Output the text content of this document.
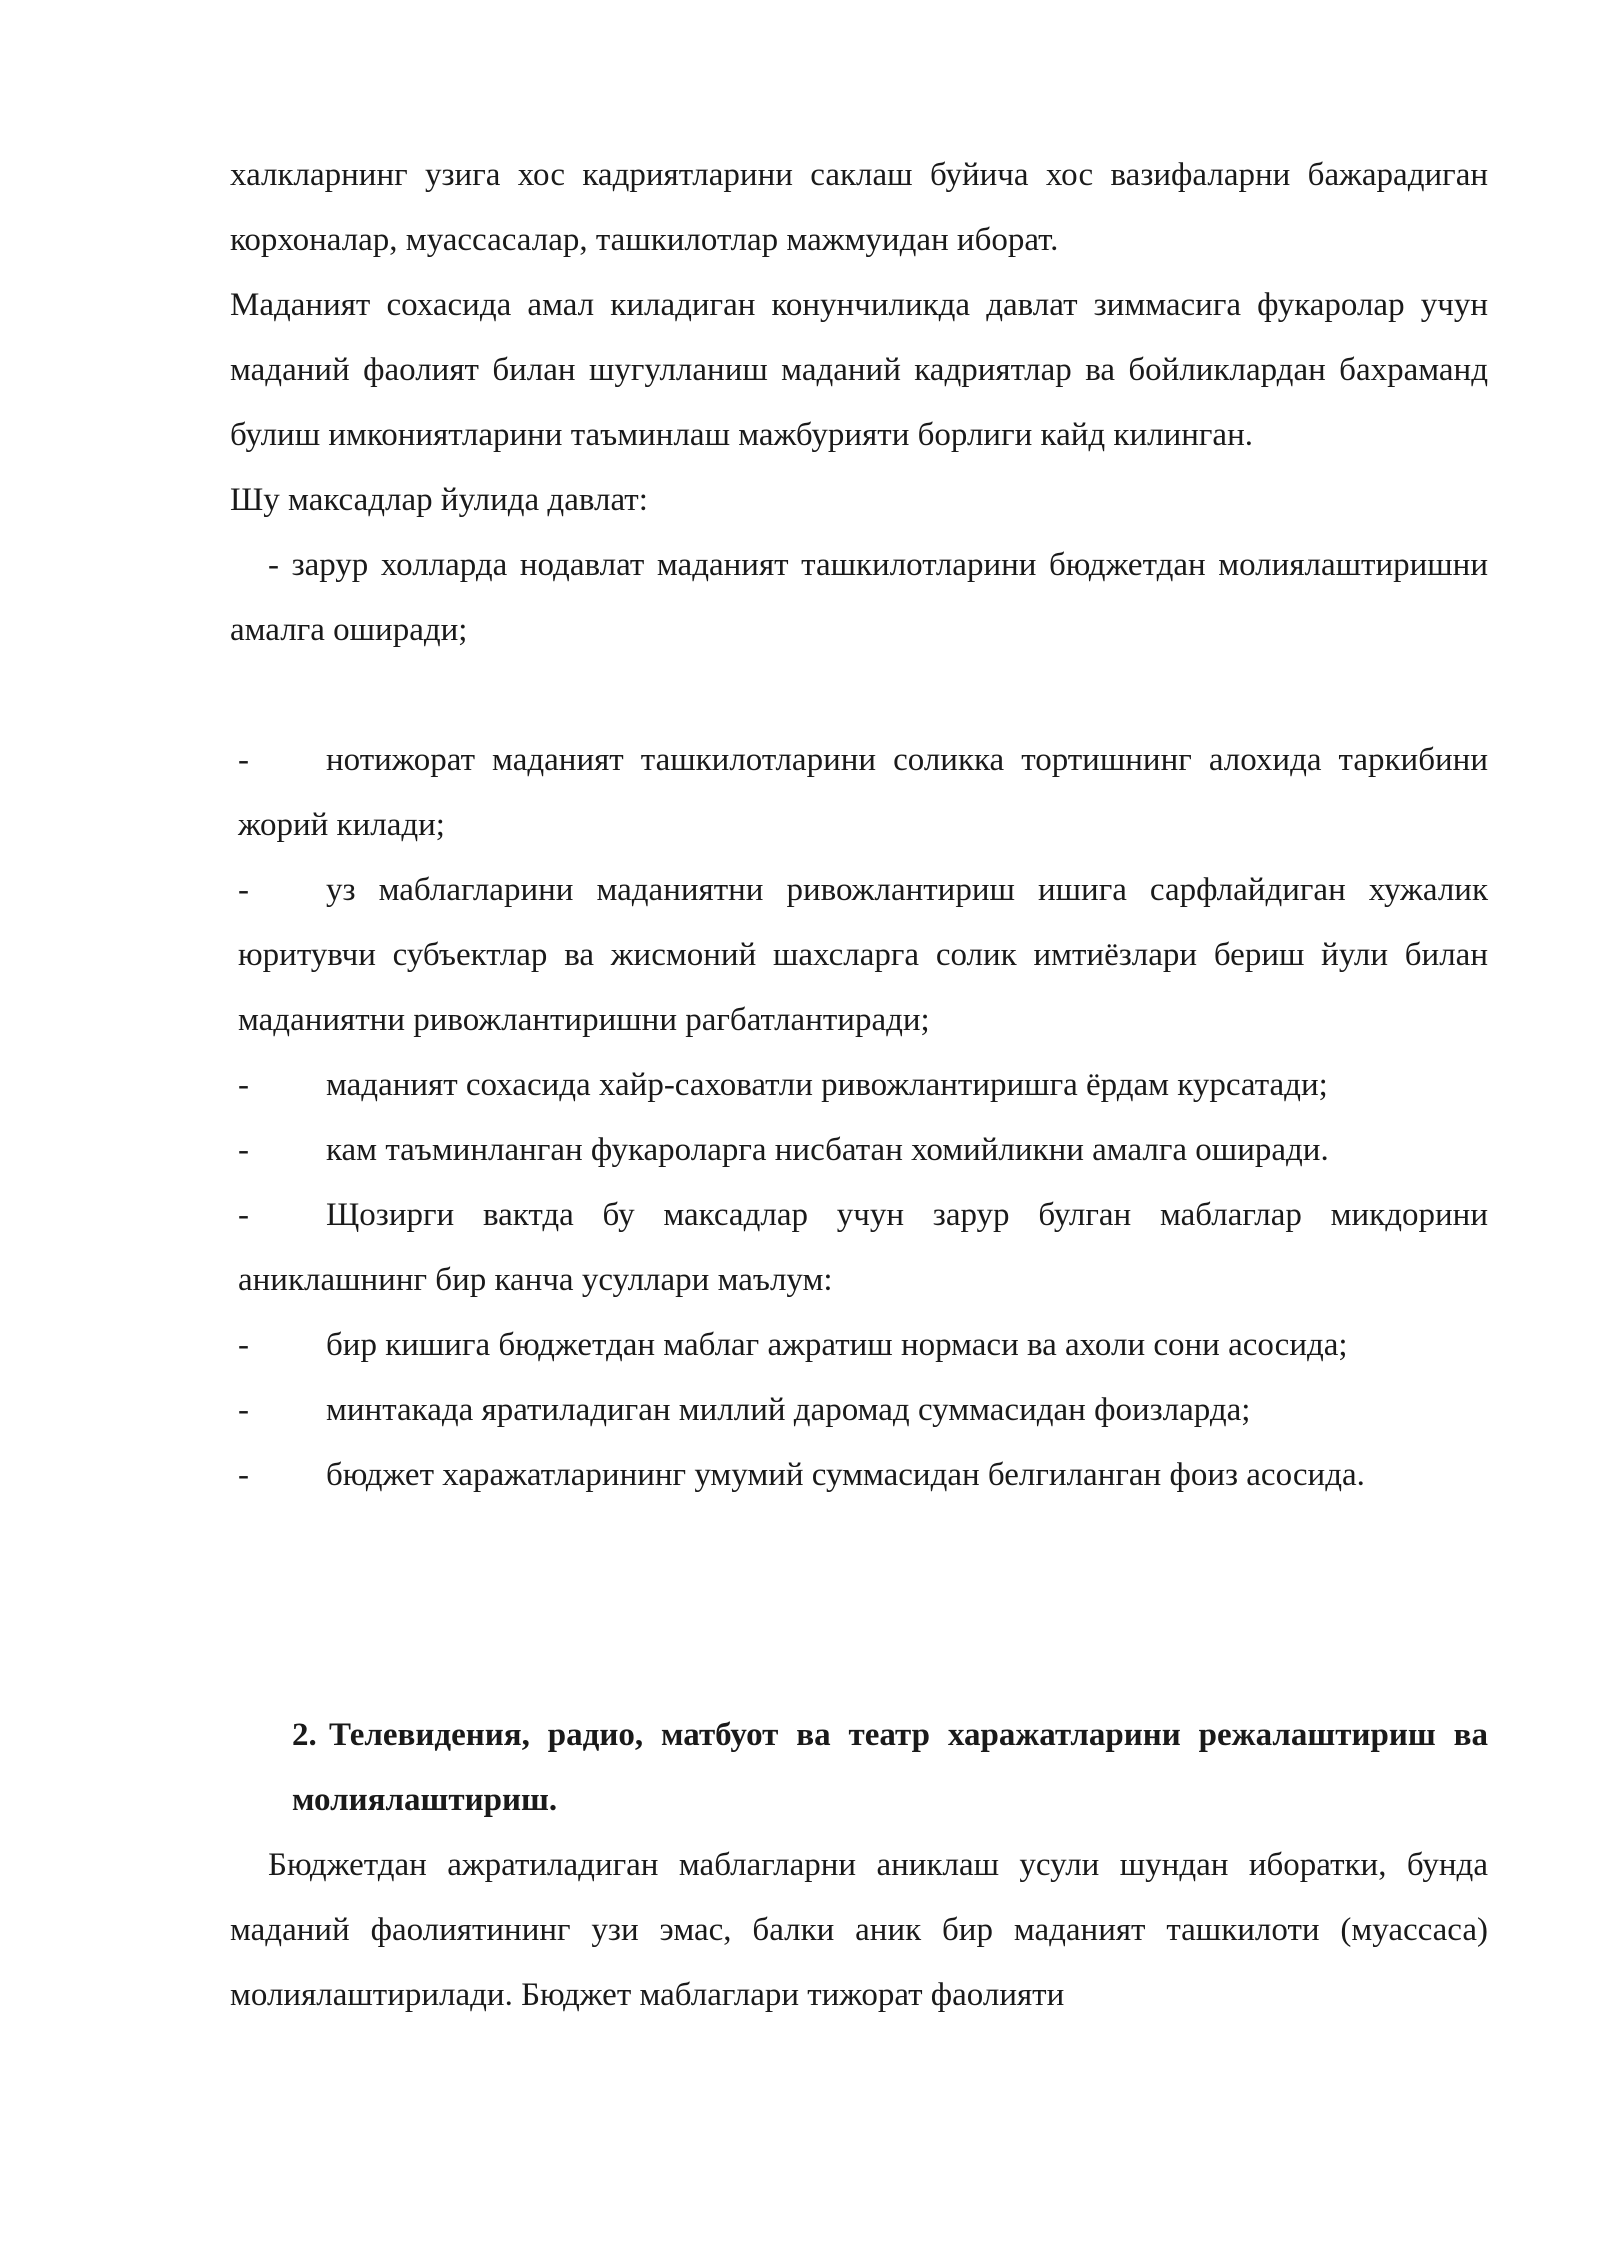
халкларнинг узига хос кадриятларини саклаш буйича хос вазифаларни бажарадиган корхоналар, муассасалар, ташкилотлар мажмуидан иборат.

Маданият сохасида амал киладиган конунчиликда давлат зиммасига фукаролар учун маданий фаолият билан шугулланиш маданий кадриятлар ва бойликлардан бахраманд булиш имкониятларини таъминлаш мажбурияти борлиги кайд килинган.

Шу максадлар йулида давлат:

- зарур холларда нодавлат маданият ташкилотларини бюджетдан молиялаштиришни амалга оширади;

-	нотижорат маданият ташкилотларини соликка тортишнинг алохида таркибини жорий килади;
-	уз маблагларини маданиятни ривожлантириш ишига сарфлайдиган хужалик юритувчи субъектлар ва жисмоний шахсларга солик имтиёзлари бериш йули билан маданиятни ривожлантиришни рагбатлантиради;
-	маданият сохасида хайр-саховатли ривожлантиришга ёрдам курсатади;
-	кам таъминланган фукароларга нисбатан хомийликни амалга оширади.
-	Щозирги вактда бу максадлар учун зарур булган маблаглар микдорини аниклашнинг бир канча усуллари маълум:
-	бир кишига бюджетдан маблаг ажратиш нормаси ва ахоли сони асосида;
-	минтакада яратиладиган миллий даромад суммасидан фоизларда;
-	бюджет харажатларининг умумий суммасидан белгиланган фоиз асосида.
2. Телевидения, радио, матбуот ва театр харажатларини режалаштириш ва молиялаштириш.

Бюджетдан ажратиладиган маблагларни аниклаш усули шундан иборатки, бунда маданий фаолиятининг узи эмас, балки аник бир маданият ташкилоти (муассаса) молиялаштирилади. Бюджет маблаглари тижорат фаолияти
